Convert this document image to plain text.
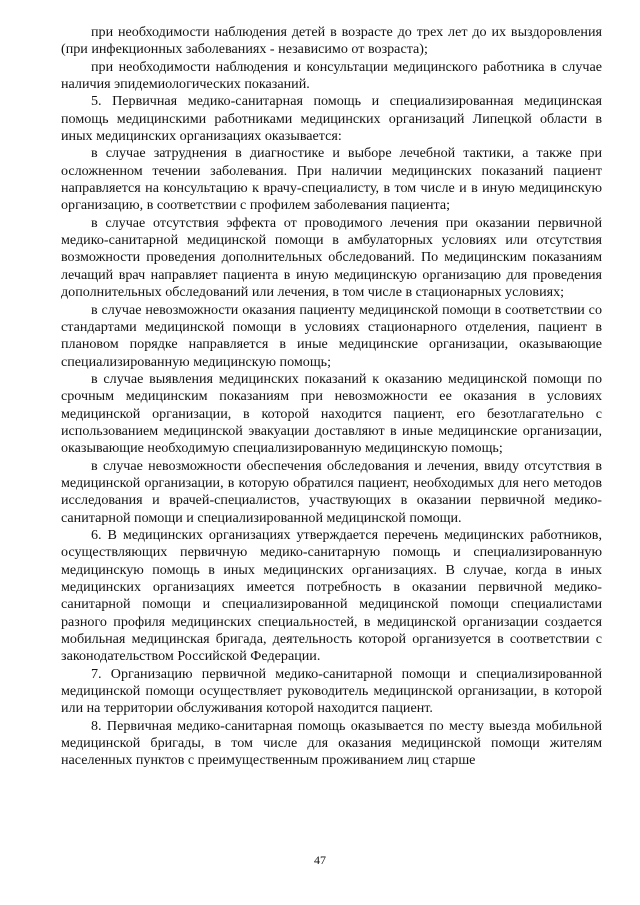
при необходимости наблюдения детей в возрасте до трех лет до их выздоровления (при инфекционных заболеваниях - независимо от возраста);

при необходимости наблюдения и консультации медицинского работника в случае наличия эпидемиологических показаний.

5. Первичная медико-санитарная помощь и специализированная медицинская помощь медицинскими работниками медицинских организаций Липецкой области в иных медицинских организациях оказывается:

в случае затруднения в диагностике и выборе лечебной тактики, а также при осложненном течении заболевания. При наличии медицинских показаний пациент направляется на консультацию к врачу-специалисту, в том числе и в иную медицинскую организацию, в соответствии с профилем заболевания пациента;

в случае отсутствия эффекта от проводимого лечения при оказании первичной медико-санитарной медицинской помощи в амбулаторных условиях или отсутствия возможности проведения дополнительных обследований. По медицинским показаниям лечащий врач направляет пациента в иную медицинскую организацию для проведения дополнительных обследований или лечения, в том числе в стационарных условиях;

в случае невозможности оказания пациенту медицинской помощи в соответствии со стандартами медицинской помощи в условиях стационарного отделения, пациент в плановом порядке направляется в иные медицинские организации, оказывающие специализированную медицинскую помощь;

в случае выявления медицинских показаний к оказанию медицинской помощи по срочным медицинским показаниям при невозможности ее оказания в условиях медицинской организации, в которой находится пациент, его безотлагательно с использованием медицинской эвакуации доставляют в иные медицинские организации, оказывающие необходимую специализированную медицинскую помощь;

в случае невозможности обеспечения обследования и лечения, ввиду отсутствия в медицинской организации, в которую обратился пациент, необходимых для него методов исследования и врачей-специалистов, участвующих в оказании первичной медико-санитарной помощи и специализированной медицинской помощи.

6. В медицинских организациях утверждается перечень медицинских работников, осуществляющих первичную медико-санитарную помощь и специализированную медицинскую помощь в иных медицинских организациях. В случае, когда в иных медицинских организациях имеется потребность в оказании первичной медико-санитарной помощи и специализированной медицинской помощи специалистами разного профиля медицинских специальностей, в медицинской организации создается мобильная медицинская бригада, деятельность которой организуется в соответствии с законодательством Российской Федерации.

7. Организацию первичной медико-санитарной помощи и специализированной медицинской помощи осуществляет руководитель медицинской организации, в которой или на территории обслуживания которой находится пациент.

8. Первичная медико-санитарная помощь оказывается по месту выезда мобильной медицинской бригады, в том числе для оказания медицинской помощи жителям населенных пунктов с преимущественным проживанием лиц старше

47
